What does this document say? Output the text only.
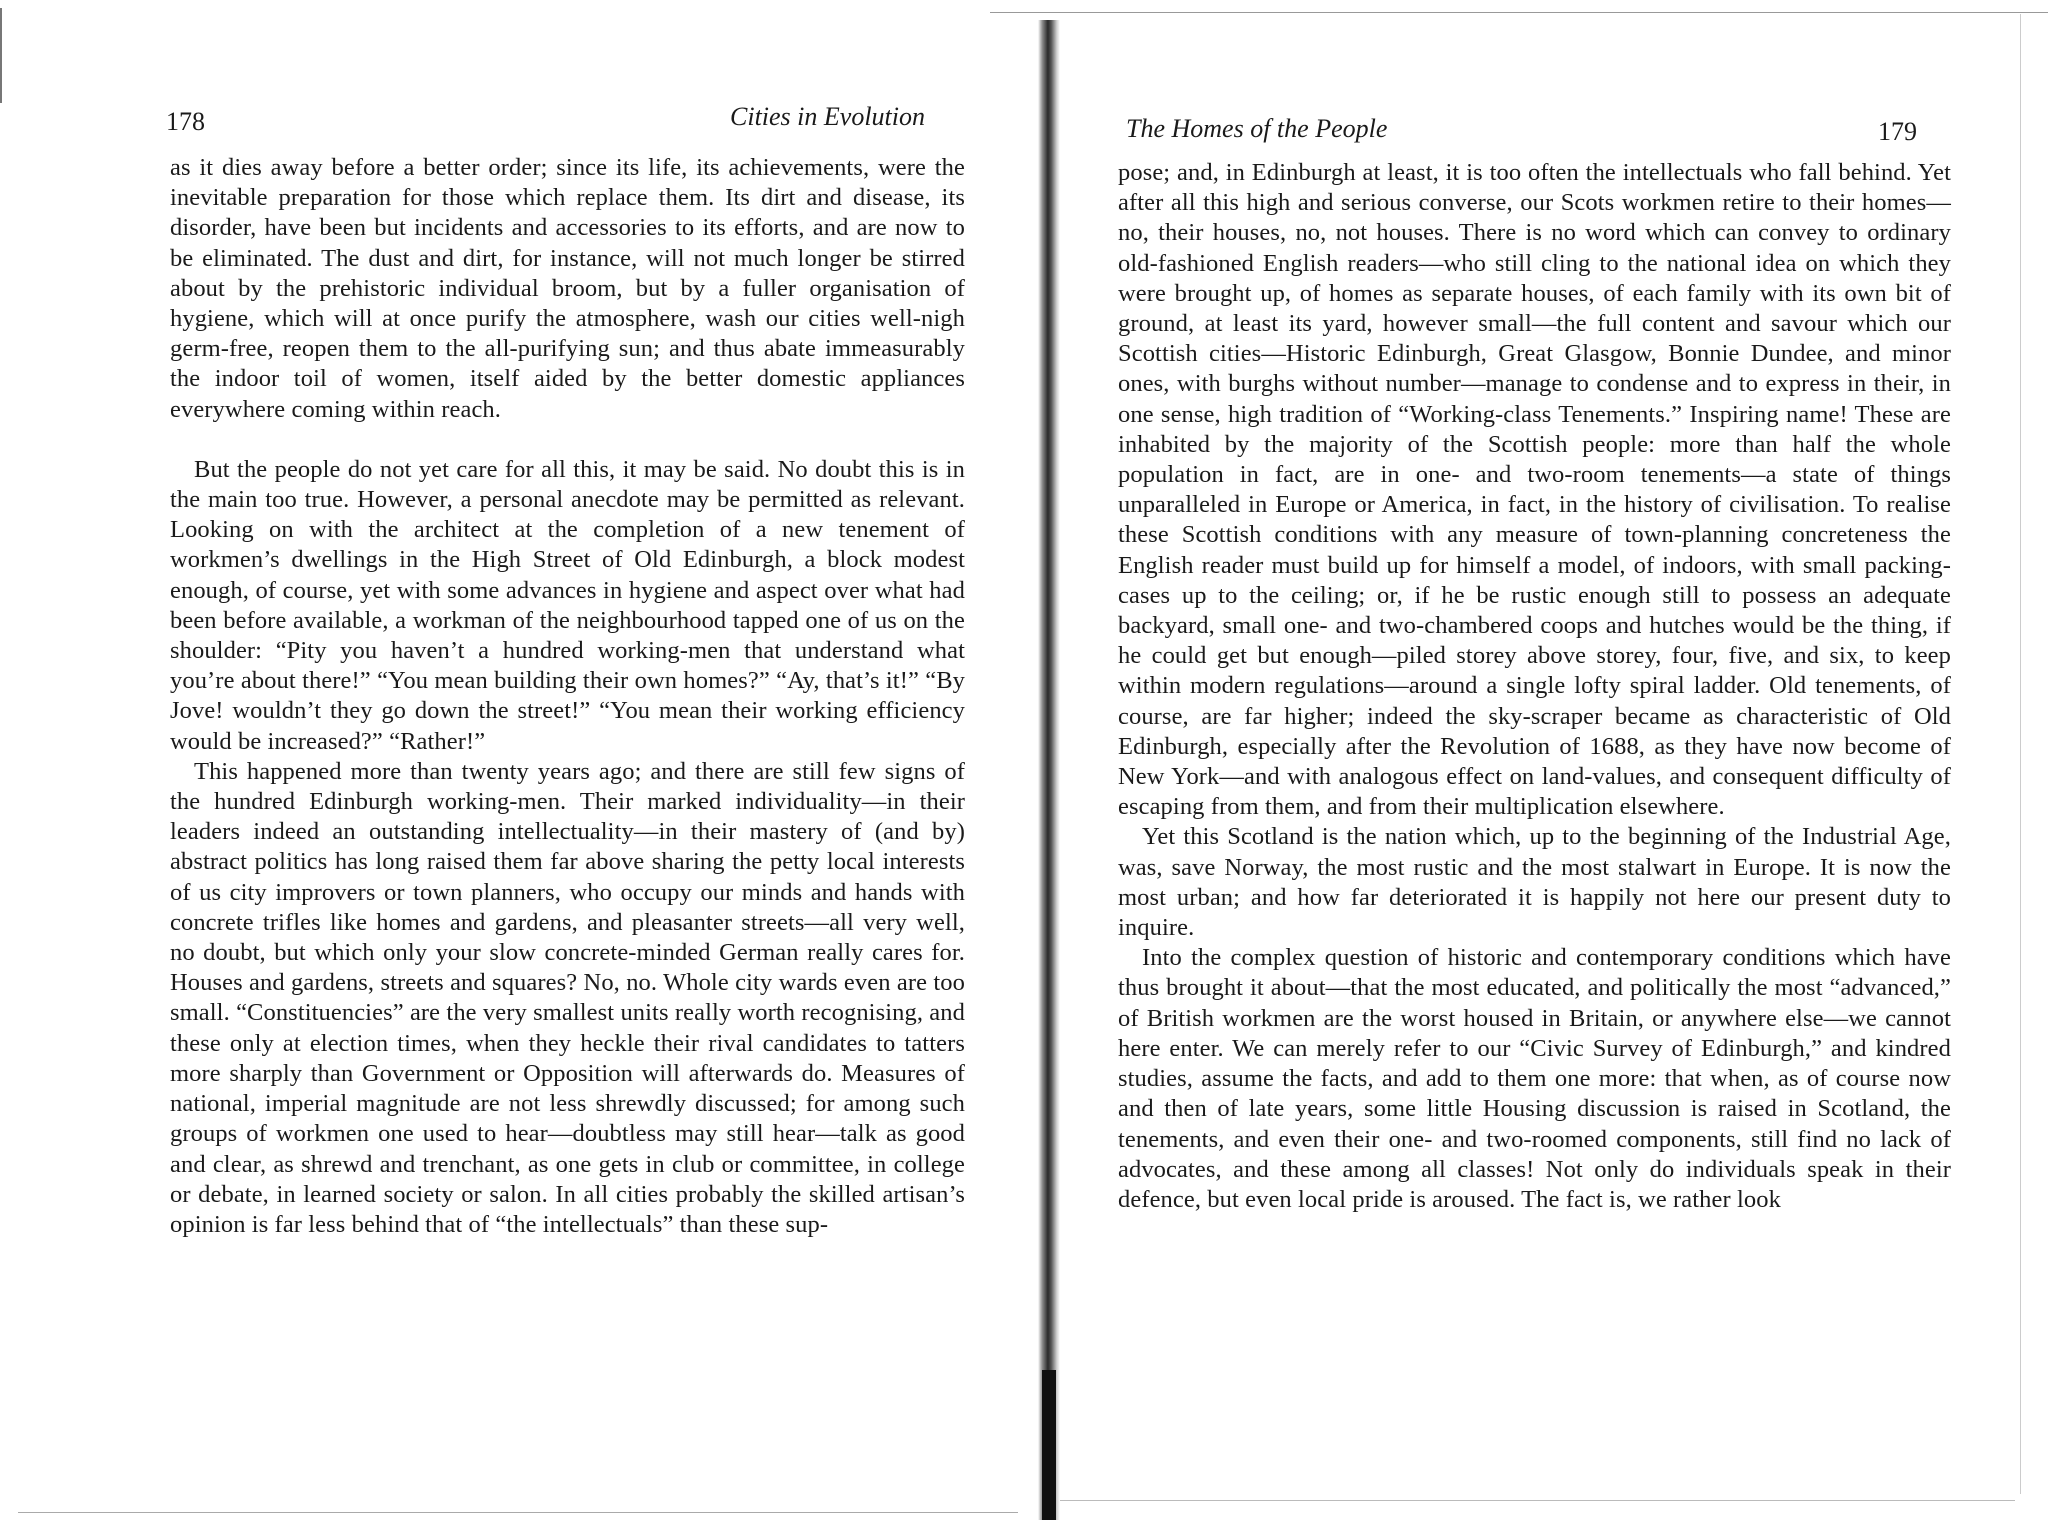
178	Cities in Evolution

as it dies away before a better order; since its life, its achievements, were the inevitable preparation for those which replace them. Its dirt and disease, its disorder, have been but incidents and accessories to its efforts, and are now to be eliminated. The dust and dirt, for instance, will not much longer be stirred about by the prehistoric individual broom, but by a fuller organisation of hygiene, which will at once purify the atmosphere, wash our cities well-nigh germ-free, reopen them to the all-purifying sun; and thus abate immeasurably the indoor toil of women, itself aided by the better domestic appliances everywhere coming within reach.

But the people do not yet care for all this, it may be said. No doubt this is in the main too true. However, a personal anecdote may be permitted as relevant. Looking on with the architect at the completion of a new tenement of workmen’s dwellings in the High Street of Old Edinburgh, a block modest enough, of course, yet with some advances in hygiene and aspect over what had been before available, a workman of the neighbourhood tapped one of us on the shoulder: “Pity you haven’t a hundred working-men that understand what you’re about there!” “You mean building their own homes?” “Ay, that’s it!” “By Jove! wouldn’t they go down the street!” “You mean their working efficiency would be increased?” “Rather!”

This happened more than twenty years ago; and there are still few signs of the hundred Edinburgh working-men. Their marked individuality—in their leaders indeed an outstanding intellectuality—in their mastery of (and by) abstract politics has long raised them far above sharing the petty local interests of us city improvers or town planners, who occupy our minds and hands with concrete trifles like homes and gardens, and pleasanter streets—all very well, no doubt, but which only your slow concrete-minded German really cares for. Houses and gardens, streets and squares? No, no. Whole city wards even are too small. “Constituencies” are the very smallest units really worth recognising, and these only at election times, when they heckle their rival candidates to tatters more sharply than Government or Opposition will afterwards do. Measures of national, imperial magnitude are not less shrewdly discussed; for among such groups of workmen one used to hear—doubtless may still hear—talk as good and clear, as shrewd and trenchant, as one gets in club or committee, in college or debate, in learned society or salon. In all cities probably the skilled artisan’s opinion is far less behind that of “the intellectuals” than these sup-

The Homes of the People	179

pose; and, in Edinburgh at least, it is too often the intellectuals who fall behind. Yet after all this high and serious converse, our Scots workmen retire to their homes—no, their houses, no, not houses. There is no word which can convey to ordinary old-fashioned English readers—who still cling to the national idea on which they were brought up, of homes as separate houses, of each family with its own bit of ground, at least its yard, however small—the full content and savour which our Scottish cities—Historic Edinburgh, Great Glasgow, Bonnie Dundee, and minor ones, with burghs without number—manage to condense and to express in their, in one sense, high tradition of “Working-class Tenements.” Inspiring name! These are inhabited by the majority of the Scottish people: more than half the whole population in fact, are in one- and two-room tenements—a state of things unparalleled in Europe or America, in fact, in the history of civilisation. To realise these Scottish conditions with any measure of town-planning concreteness the English reader must build up for himself a model, of indoors, with small packing-cases up to the ceiling; or, if he be rustic enough still to possess an adequate backyard, small one- and two-chambered coops and hutches would be the thing, if he could get but enough—piled storey above storey, four, five, and six, to keep within modern regulations—around a single lofty spiral ladder. Old tenements, of course, are far higher; indeed the sky-scraper became as characteristic of Old Edinburgh, especially after the Revolution of 1688, as they have now become of New York—and with analogous effect on land-values, and consequent difficulty of escaping from them, and from their multiplication elsewhere.

Yet this Scotland is the nation which, up to the beginning of the Industrial Age, was, save Norway, the most rustic and the most stalwart in Europe. It is now the most urban; and how far deteriorated it is happily not here our present duty to inquire.

Into the complex question of historic and contemporary conditions which have thus brought it about—that the most educated, and politically the most “advanced,” of British workmen are the worst housed in Britain, or anywhere else—we cannot here enter. We can merely refer to our “Civic Survey of Edinburgh,” and kindred studies, assume the facts, and add to them one more: that when, as of course now and then of late years, some little Housing discussion is raised in Scotland, the tenements, and even their one- and two-roomed components, still find no lack of advocates, and these among all classes! Not only do individuals speak in their defence, but even local pride is aroused. The fact is, we rather look
